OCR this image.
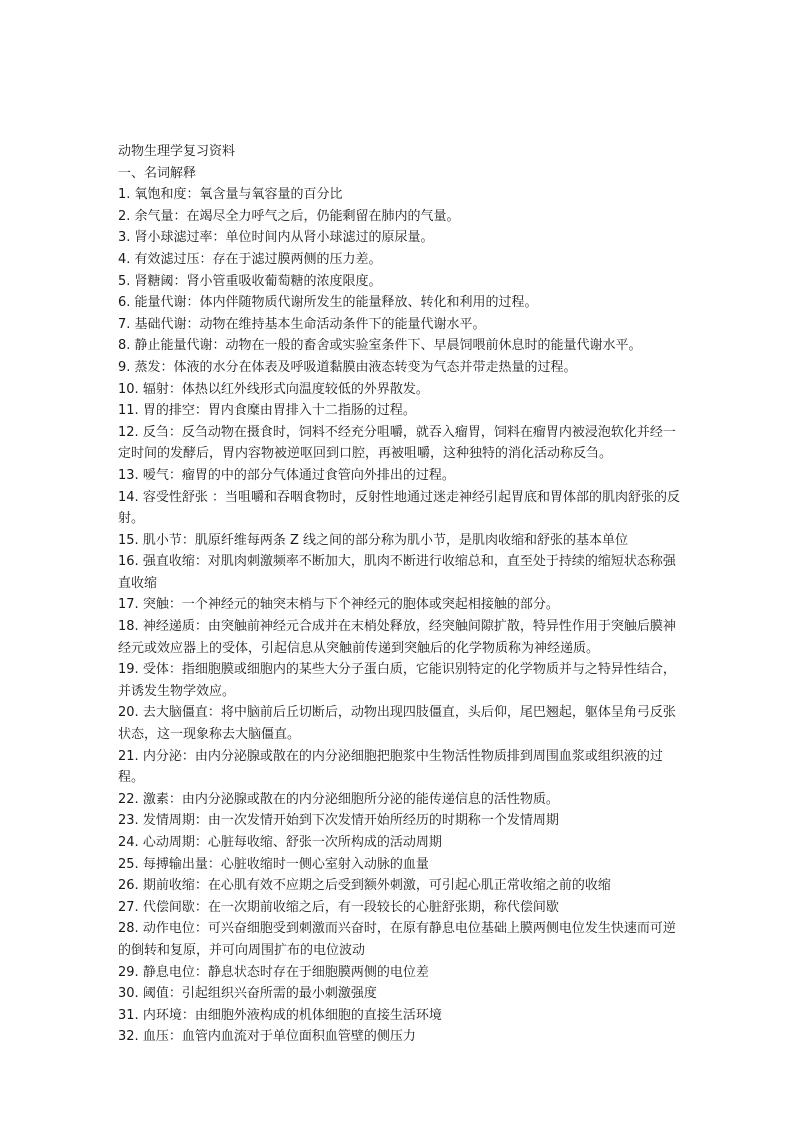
动物生理学复习资料
一、名词解释
1. 氧饱和度：氧含量与氧容量的百分比
2. 余气量：在竭尽全力呼气之后，仍能剩留在肺内的气量。
3. 肾小球滤过率：单位时间内从肾小球滤过的原尿量。
4. 有效滤过压：存在于滤过膜两侧的压力差。
5. 肾糖阈：肾小管重吸收葡萄糖的浓度限度。
6. 能量代谢：体内伴随物质代谢所发生的能量释放、转化和利用的过程。
7. 基础代谢：动物在维持基本生命活动条件下的能量代谢水平。
8. 静止能量代谢：动物在一般的畜舍或实验室条件下、早晨饲喂前休息时的能量代谢水平。
9. 蒸发：体液的水分在体表及呼吸道黏膜由液态转变为气态并带走热量的过程。
10. 辐射：体热以红外线形式向温度较低的外界散发。
11. 胃的排空：胃内食糜由胃排入十二指肠的过程。
12. 反刍：反刍动物在摄食时，饲料不经充分咀嚼，就吞入瘤胃，饲料在瘤胃内被浸泡软化并经一定时间的发酵后，胃内容物被逆呕回到口腔，再被咀嚼，这种独特的消化活动称反刍。
13. 嗳气：瘤胃的中的部分气体通过食管向外排出的过程。
14. 容受性舒张 ：当咀嚼和吞咽食物时，反射性地通过迷走神经引起胃底和胃体部的肌肉舒张的反射。
15. 肌小节：肌原纤维每两条 Z 线之间的部分称为肌小节，是肌肉收缩和舒张的基本单位
16. 强直收缩：对肌肉刺激频率不断加大，肌肉不断进行收缩总和，直至处于持续的缩短状态称强直收缩
17. 突触：一个神经元的轴突末梢与下个神经元的胞体或突起相接触的部分。
18. 神经递质：由突触前神经元合成并在末梢处释放，经突触间隙扩散，特异性作用于突触后膜神经元或效应器上的受体，引起信息从突触前传递到突触后的化学物质称为神经递质。
19. 受体：指细胞膜或细胞内的某些大分子蛋白质，它能识别特定的化学物质并与之特异性结合，并诱发生物学效应。
20. 去大脑僵直：将中脑前后丘切断后，动物出现四肢僵直，头后仰，尾巴翘起，躯体呈角弓反张状态，这一现象称去大脑僵直。
21. 内分泌：由内分泌腺或散在的内分泌细胞把胞浆中生物活性物质排到周围血浆或组织液的过程。
22. 激素：由内分泌腺或散在的内分泌细胞所分泌的能传递信息的活性物质。
23. 发情周期：由一次发情开始到下次发情开始所经历的时期称一个发情周期
24. 心动周期：心脏每收缩、舒张一次所构成的活动周期
25. 每搏输出量：心脏收缩时一侧心室射入动脉的血量
26. 期前收缩：在心肌有效不应期之后受到额外刺激，可引起心肌正常收缩之前的收缩
27. 代偿间歇：在一次期前收缩之后，有一段较长的心脏舒张期，称代偿间歇
28. 动作电位：可兴奋细胞受到刺激而兴奋时，在原有静息电位基础上膜两侧电位发生快速而可逆的倒转和复原，并可向周围扩布的电位波动
29. 静息电位：静息状态时存在于细胞膜两侧的电位差
30. 阈值：引起组织兴奋所需的最小刺激强度
31. 内环境：由细胞外液构成的机体细胞的直接生活环境
32. 血压：血管内血流对于单位面积血管壁的侧压力
